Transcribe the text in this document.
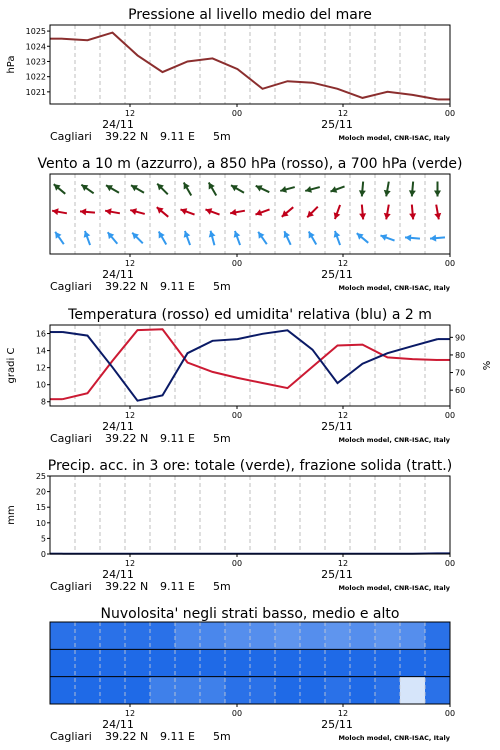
Pressione al livello medio del mare
Vento a 10 m (azzurro), a 850 hPa (rosso), a 700 hPa (verde)
Temperatura (rosso) ed umidita' relativa (blu) a 2 m
Precip. acc. in 3 ore: totale (verde), frazione solida (tratt.)
Nuvolosita' negli strati basso, medio e alto
1021
1022
1023
1024
1025
hPa
12	00	12	00
24/11	25/11
Cagliari 39.22 N 9.11 E 5m	Moloch model, CNR-ISAC, Italy
12	00	12	00
24/11	25/11
Cagliari 39.22 N 9.11 E 5m	Moloch model, CNR-ISAC, Italy
8
10
12
14
16
60
70
80
90
gradi C	%
12	00	12	00
24/11	25/11
Cagliari 39.22 N 9.11 E 5m	Moloch model, CNR-ISAC, Italy
0
5
10
15
20
25
mm
12	00	12	00
24/11	25/11
Cagliari 39.22 N 9.11 E 5m	Moloch model, CNR-ISAC, Italy
12	00	12	00
24/11	25/11
Cagliari 39.22 N 9.11 E 5m	Moloch model, CNR-ISAC, Italy
